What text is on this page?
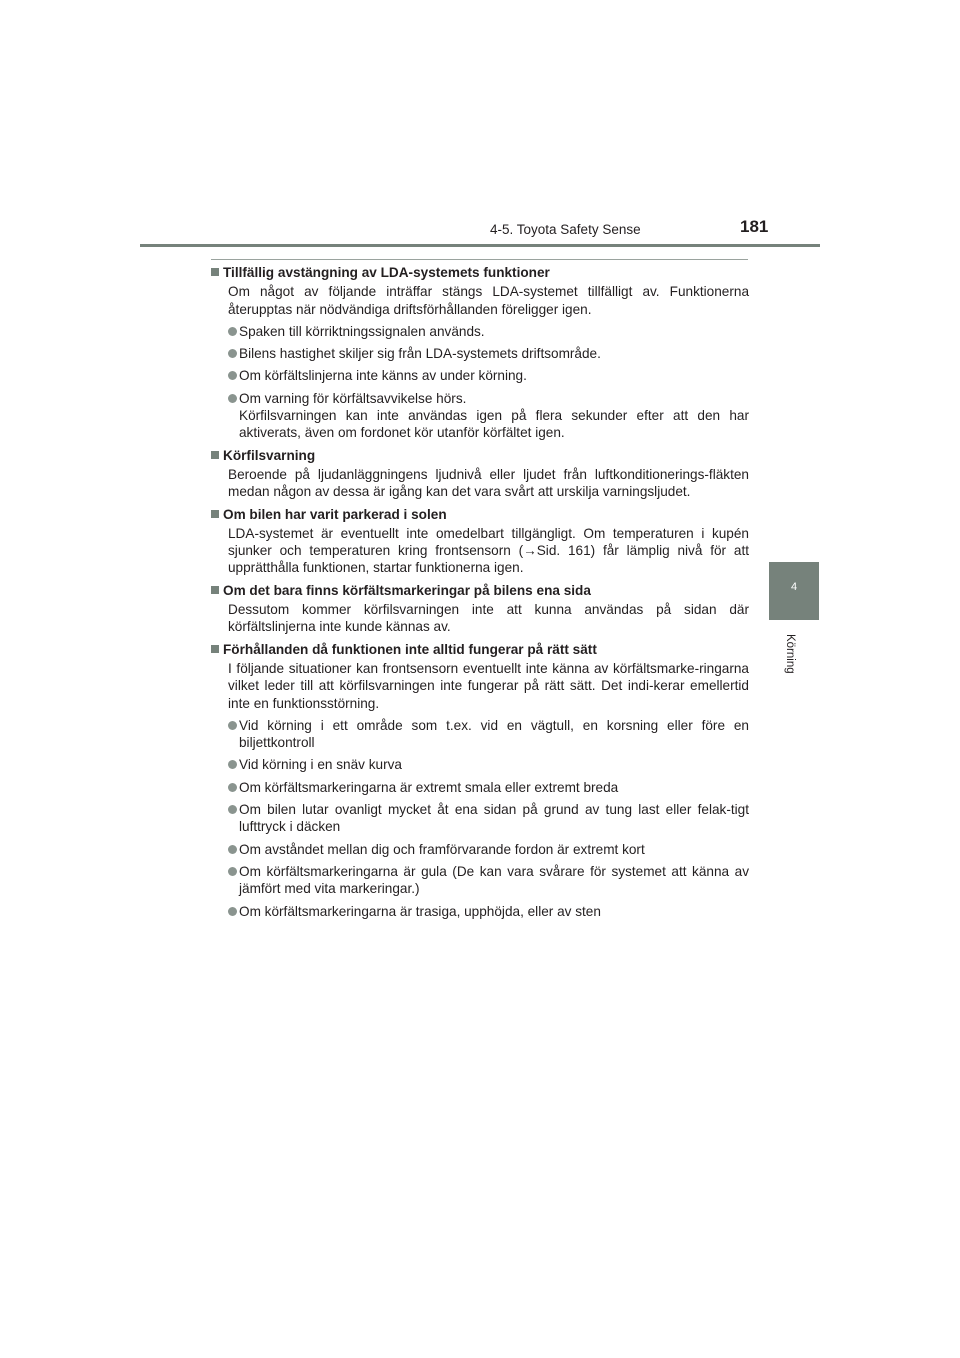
4-5. Toyota Safety Sense	181
4
Körning
Tillfällig avstängning av LDA-systemets funktioner
Om något av följande inträffar stängs LDA-systemet tillfälligt av. Funktionerna återupptas när nödvändiga driftsförhållanden föreligger igen.
Spaken till körriktningssignalen används.
Bilens hastighet skiljer sig från LDA-systemets driftsområde.
Om körfältslinjerna inte känns av under körning.
Om varning för körfältsavvikelse hörs.
Körfilsvarningen kan inte användas igen på flera sekunder efter att den har aktiverats, även om fordonet kör utanför körfältet igen.
Körfilsvarning
Beroende på ljudanläggningens ljudnivå eller ljudet från luftkonditionerings-fläkten medan någon av dessa är igång kan det vara svårt att urskilja varningsljudet.
Om bilen har varit parkerad i solen
LDA-systemet är eventuellt inte omedelbart tillgängligt. Om temperaturen i kupén sjunker och temperaturen kring frontsensorn (→Sid. 161) får lämplig nivå för att upprätthålla funktionen, startar funktionerna igen.
Om det bara finns körfältsmarkeringar på bilens ena sida
Dessutom kommer körfilsvarningen inte att kunna användas på sidan där körfältslinjerna inte kunde kännas av.
Förhållanden då funktionen inte alltid fungerar på rätt sätt
I följande situationer kan frontsensorn eventuellt inte känna av körfältsmarke-ringarna vilket leder till att körfilsvarningen inte fungerar på rätt sätt. Det indi-kerar emellertid inte en funktionsstörning.
Vid körning i ett område som t.ex. vid en vägtull, en korsning eller före en biljettkontroll
Vid körning i en snäv kurva
Om körfältsmarkeringarna är extremt smala eller extremt breda
Om bilen lutar ovanligt mycket åt ena sidan på grund av tung last eller felak-tigt lufttryck i däcken
Om avståndet mellan dig och framförvarande fordon är extremt kort
Om körfältsmarkeringarna är gula (De kan vara svårare för systemet att känna av jämfört med vita markeringar.)
Om körfältsmarkeringarna är trasiga, upphöjda, eller av sten
